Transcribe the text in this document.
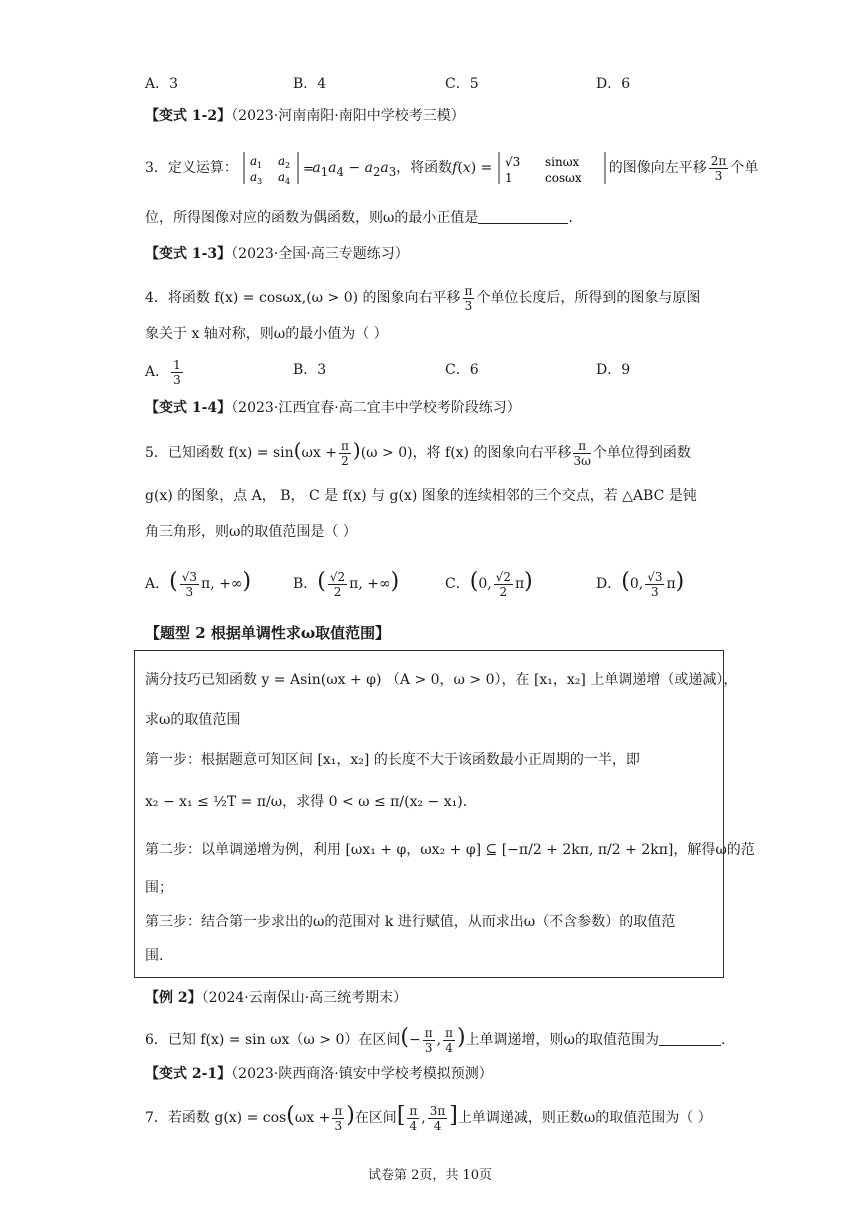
A．3	B．4	C．5	D．6
【变式 1-2】（2023·河南南阳·南阳中学校考三模）
3．定义运算： a 1 a 2
a 3 a 4
=
$a_1a_4 - a_2a_3$，将函数f(x) = √3 sinωx
1	cosωx
的图像向左平移 $\frac{2\pi}{3}$ 个单
位，所得图像对应的函数为偶函数，则ω的最小正值是	.
【变式 1-3】（2023·全国·高三专题练习）
4．将函数 f(x) = cosωx,(ω > 0) 的图象向右平移 $\frac{\pi}{3}$ 个单位长度后，所得到的图象与原图
象关于 x 轴对称，则ω的最小值为（ ）
A． $\frac{1}{3}$	B．3	C．6	D．9
【变式 1-4】（2023·江西宜春·高二宜丰中学校考阶段练习）
5．已知函数 $f(x) = \sin(\omega x + \frac{\pi}{2} )(\omega > 0)$，将 f(x) 的图象向右平移 $\frac{\pi}{3\omega}$ 个单位得到函数
g(x) 的图象，点 A， B， C 是 f(x) 与 g(x) 图象的连续相邻的三个交点，若 △ABC 是钝
角三角形，则ω的取值范围是（ ）
A．( $\frac{√3}{3} \pi$, +∞)	B．( $\frac{√2}{2} \pi$, +∞)	C．(0, $\frac{√2}{2} \pi$)	D．(0, $\frac{√3}{3} \pi$)
【题型 2 根据单调性求ω取值范围】
满分技巧已知函数 y = Asin(ωx + φ) （A > 0，ω > 0），在 [x₁，x₂] 上单调递增（或递减），
求ω的取值范围
第一步：根据题意可知区间 [x₁，x₂] 的长度不大于该函数最小正周期的一半，即
x₂ − x₁ ≤ ½T = π/ω，求得 0 < ω ≤ π/(x₂ − x₁).
第二步：以单调递增为例，利用 [ωx₁ + φ，ωx₂ + φ] ⊆ [−π/2 + 2kπ, π/2 + 2kπ]，解得ω的范
围；
第三步：结合第一步求出的ω的范围对 k 进行赋值，从而求出ω（不含参数）的取值范
围.
【例 2】（2024·云南保山·高三统考期末）
6．已知 f(x) = sin ωx（ω > 0）在区间(− $\frac{\pi}{3}$ , $\frac{\pi}{4}$ )上单调递增，则ω的取值范围为	.
【变式 2-1】（2023·陕西商洛·镇安中学校考模拟预测）
7．若函数 $g(x) = \cos(\omega x + \frac{\pi}{3}$ )在区间[ $\frac{\pi}{4}$ , $\frac{3\pi}{4}$ ]上单调递减，则正数ω的取值范围为（ ）
试卷第 2页，共 10页
